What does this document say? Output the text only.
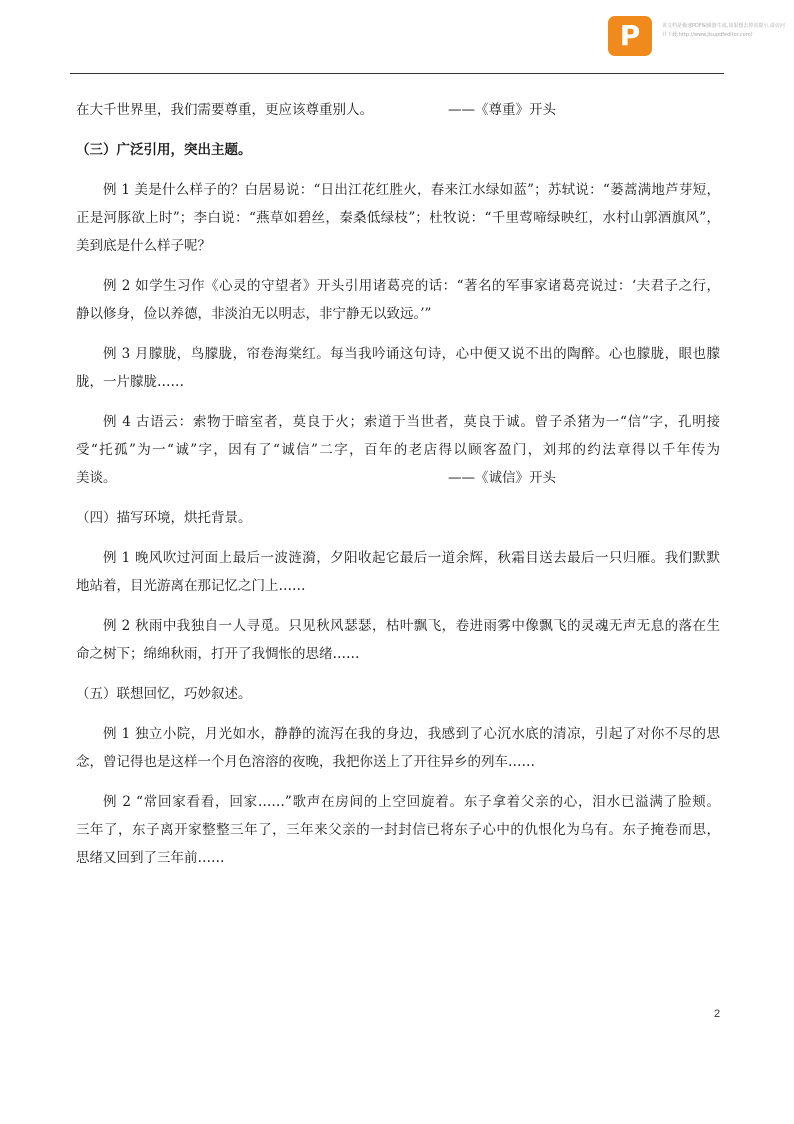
P	该文档是极速PDF编辑器生成,如果想去掉该提示,请访问并下载:http://www.jisupdfeditor.com/
在大千世界里，我们需要尊重，更应该尊重别人。	——《尊重》开头
（三）广泛引用，突出主题。
例 1 美是什么样子的？白居易说：“日出江花红胜火，春来江水绿如蓝”；苏轼说：“蒌蒿满地芦芽短，
正是河豚欲上时”；李白说：“燕草如碧丝，秦桑低绿枝”；杜牧说：“千里莺啼绿映红，水村山郭酒旗风”，
美到底是什么样子呢？
例 2 如学生习作《心灵的守望者》开头引用诸葛亮的话：“著名的军事家诸葛亮说过：‘夫君子之行，
静以修身，俭以养德，非淡泊无以明志，非宁静无以致远。’”
例 3 月朦胧，鸟朦胧，帘卷海棠红。每当我吟诵这句诗，心中便又说不出的陶醉。心也朦胧，眼也朦
胧，一片朦胧……
例 4 古语云：索物于暗室者，莫良于火；索道于当世者，莫良于诚。曾子杀猪为一“信”字，孔明接
受“托孤”为一“诚”字，因有了“诚信”二字，百年的老店得以顾客盈门，刘邦的约法章得以千年传为
美谈。	——《诚信》开头
（四）描写环境，烘托背景。
例 1 晚风吹过河面上最后一波涟漪，夕阳收起它最后一道余辉，秋霜目送去最后一只归雁。我们默默
地站着，目光游离在那记忆之门上……
例 2 秋雨中我独自一人寻觅。只见秋风瑟瑟，枯叶飘飞，卷进雨雾中像飘飞的灵魂无声无息的落在生
命之树下；绵绵秋雨，打开了我惆怅的思绪……
（五）联想回忆，巧妙叙述。
例 1 独立小院，月光如水，静静的流泻在我的身边，我感到了心沉水底的清凉，引起了对你不尽的思
念，曾记得也是这样一个月色溶溶的夜晚，我把你送上了开往异乡的列车……
例 2 “常回家看看，回家……”歌声在房间的上空回旋着。东子拿着父亲的心，泪水已溢满了脸颊。
三年了，东子离开家整整三年了，三年来父亲的一封封信已将东子心中的仇恨化为乌有。东子掩卷而思，
思绪又回到了三年前……
2
